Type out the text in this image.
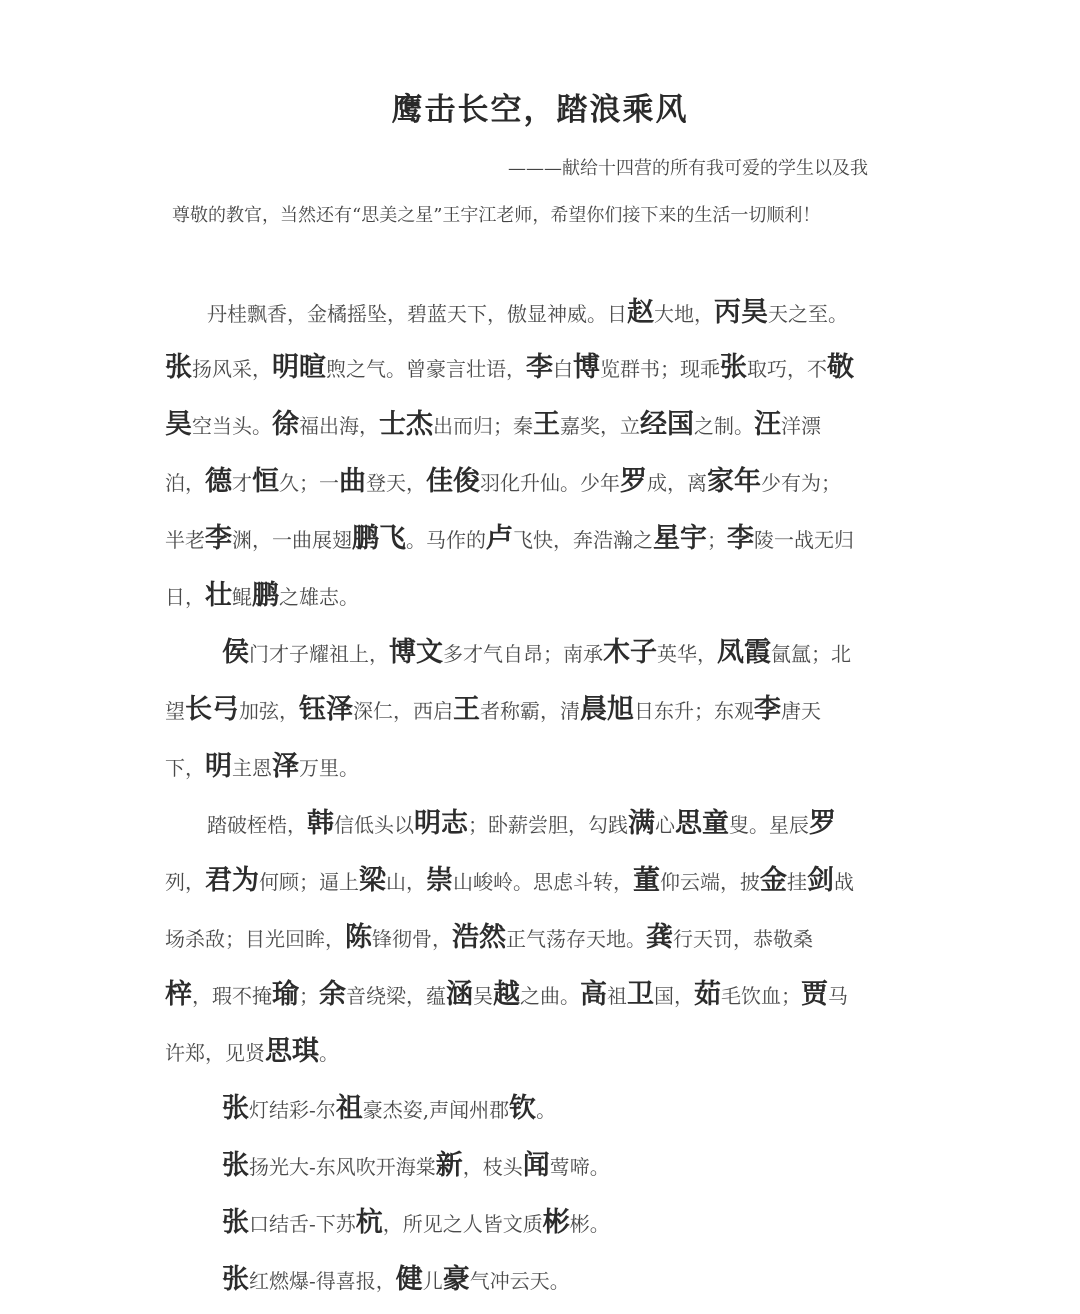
鹰击长空，踏浪乘风
———献给十四营的所有我可爱的学生以及我
尊敬的教官，当然还有“思美之星”王宇江老师，希望你们接下来的生活一切顺利！
丹桂飘香，金橘摇坠，碧蓝天下，傲显神威。日赵大地，丙昊天之至。
张扬风采，明暄煦之气。曾豪言壮语，李白博览群书；现乖张取巧，不敬
昊空当头。徐福出海，士杰出而归；秦王嘉奖，立经国之制。汪洋漂
泊，德才恒久；一曲登天，佳俊羽化升仙。少年罗成，离家年少有为；
半老李渊，一曲展翅鹏飞。马作的卢飞快，奔浩瀚之星宇；李陵一战无归
日，壮鲲鹏之雄志。
侯门才子耀祖上，博文多才气自昂；南承木子英华，凤霞氤氲；北
望长弓加弦，钰泽深仁，西启王者称霸，清晨旭日东升；东观李唐天
下，明主恩泽万里。
踏破桎梏，韩信低头以明志；卧薪尝胆，勾践满心思童叟。星辰罗
列，君为何顾；逼上梁山，崇山峻岭。思虑斗转，董仰云端，披金挂剑战
场杀敌；目光回眸，陈锋彻骨，浩然正气荡存天地。龚行天罚，恭敬桑
梓，瑕不掩瑜；余音绕梁，蕴涵吴越之曲。高祖卫国，茹毛饮血；贾马
许郑，见贤思琪。
张灯结彩-尔祖豪杰姿,声闻州郡钦。
张扬光大-东风吹开海棠新，枝头闻莺啼。
张口结舌-下苏杭，所见之人皆文质彬彬。
张红燃爆-得喜报，健儿豪气冲云天。
